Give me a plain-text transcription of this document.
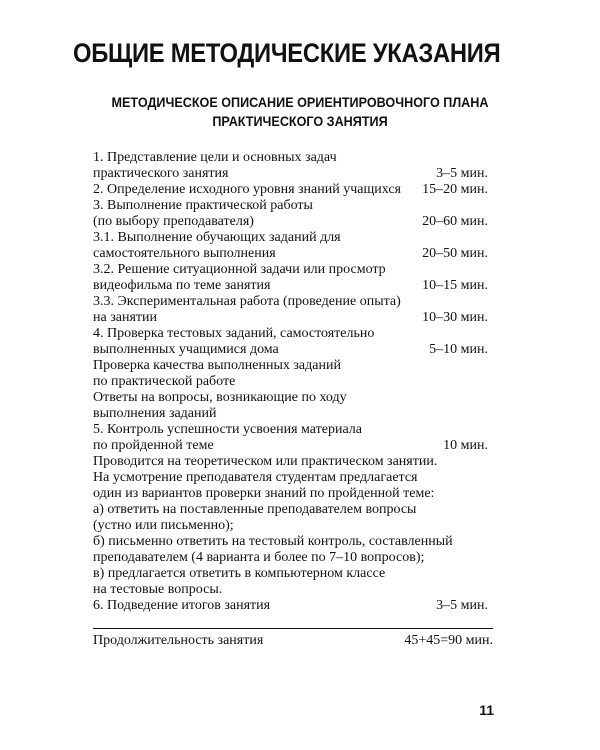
ОБЩИЕ МЕТОДИЧЕСКИЕ УКАЗАНИЯ
МЕТОДИЧЕСКОЕ ОПИСАНИЕ ОРИЕНТИРОВОЧНОГО ПЛАНА
ПРАКТИЧЕСКОГО ЗАНЯТИЯ
1. Представление цели и основных задач
практического занятия	3–5 мин.
2. Определение исходного уровня знаний учащихся 15–20 мин.
3. Выполнение практической работы
(по выбору преподавателя)	20–60 мин.
3.1. Выполнение обучающих заданий для
самостоятельного выполнения	20–50 мин.
3.2. Решение ситуационной задачи или просмотр
видеофильма по теме занятия	10–15 мин.
3.3. Экспериментальная работа (проведение опыта)
на занятии	10–30 мин.
4. Проверка тестовых заданий, самостоятельно
выполненных учащимися дома	5–10 мин.
Проверка качества выполненных заданий
по практической работе
Ответы на вопросы, возникающие по ходу
выполнения заданий
5. Контроль успешности усвоения материала
по пройденной теме	10 мин.
Проводится на теоретическом или практическом занятии.
На усмотрение преподавателя студентам предлагается
один из вариантов проверки знаний по пройденной теме:
а) ответить на поставленные преподавателем вопросы
(устно или письменно);
б) письменно ответить на тестовый контроль, составленный
преподавателем (4 варианта и более по 7–10 вопросов);
в) предлагается ответить в компьютерном классе
на тестовые вопросы.
6. Подведение итогов занятия	3–5 мин.
Продолжительность занятия	45+45=90 мин.
11
